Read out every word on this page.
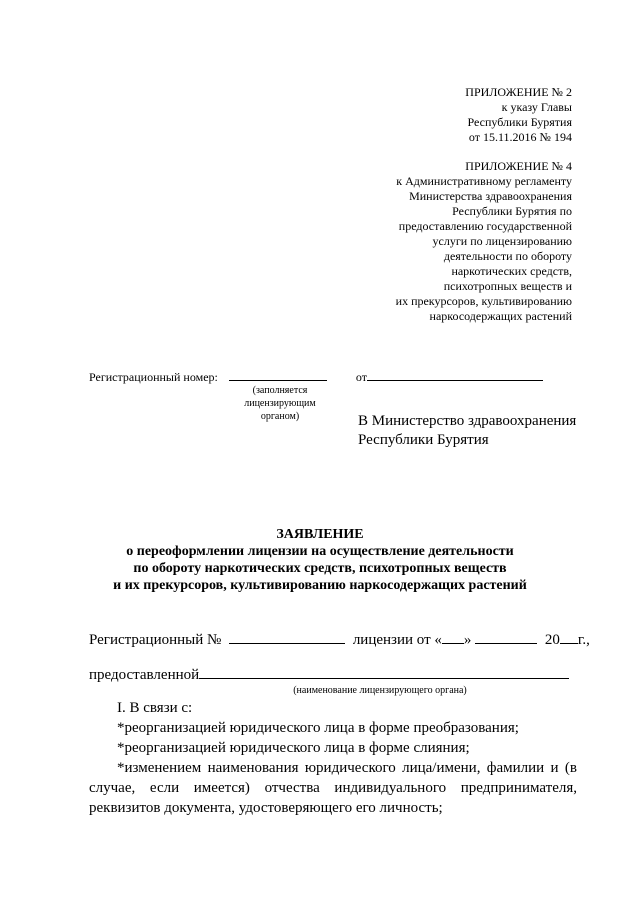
ПРИЛОЖЕНИЕ № 2
к указу Главы
Республики Бурятия
от 15.11.2016 № 194
ПРИЛОЖЕНИЕ № 4
к Административному регламенту
Министерства здравоохранения
Республики Бурятия по
предоставлению государственной
услуги по лицензированию
деятельности по обороту
наркотических средств,
психотропных веществ и
их прекурсоров, культивированию
наркосодержащих растений
Регистрационный номер:	от
(заполняется
лицензирующим
органом)	В Министерство здравоохранения
Республики Бурятия
ЗАЯВЛЕНИЕ
о переоформлении лицензии на осуществление деятельности
по обороту наркотических средств, психотропных веществ
и их прекурсоров, культивированию наркосодержащих растений
Регистрационный №	лицензии от « »	20 г.,
предоставленной
(наименование лицензирующего органа)
I. В связи с:
*реорганизацией юридического лица в форме преобразования;
*реорганизацией юридического лица в форме слияния;
*изменением наименования юридического лица/имени, фамилии и (в случае, если имеется) отчества индивидуального предпринимателя, реквизитов документа, удостоверяющего его личность;
